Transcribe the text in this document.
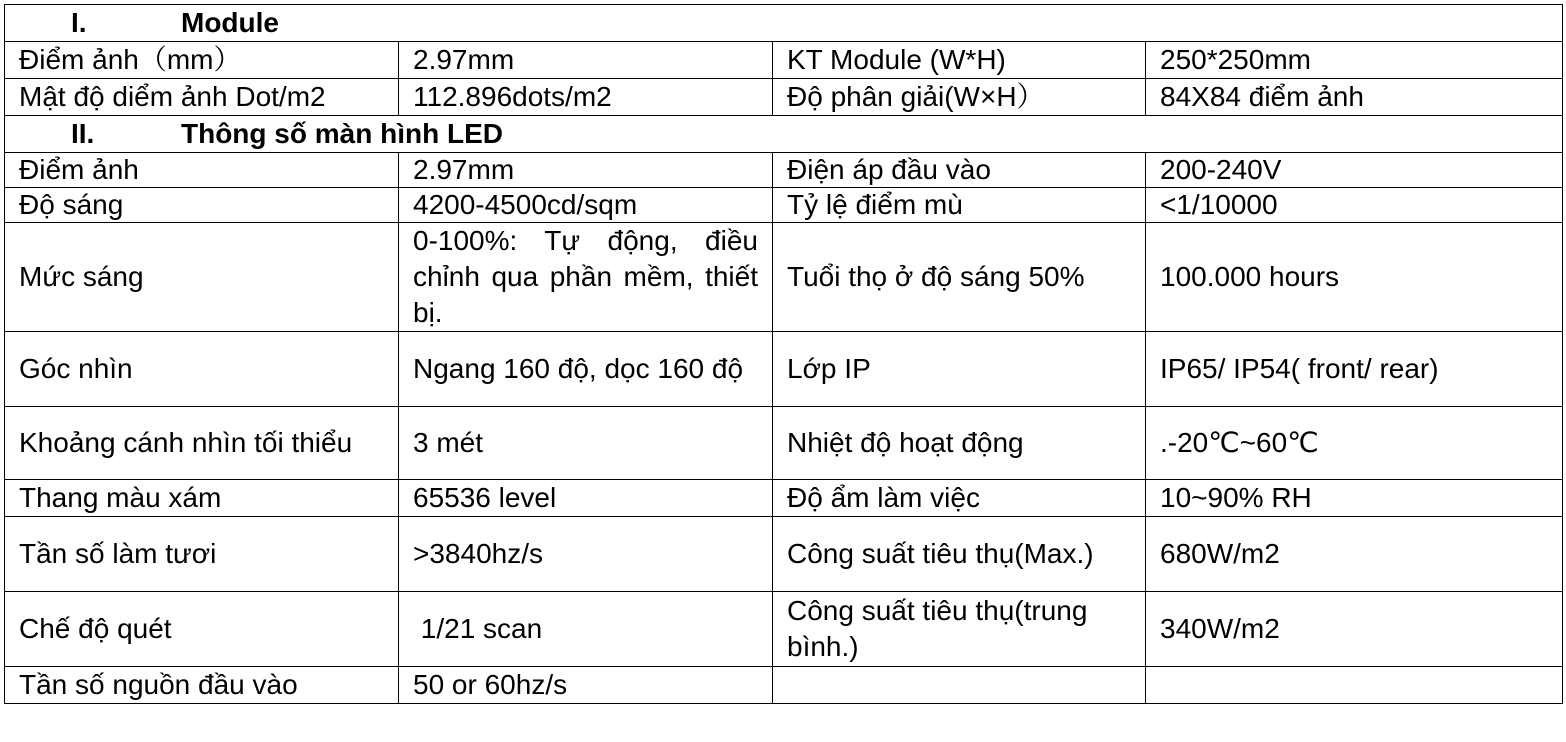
I. Module			
Điểm ảnh（mm）	2.97mm	KT Module (W*H)	250*250mm
Mật độ diểm ảnh Dot/m2	112.896dots/m2	Độ phân giải(W×H）	84X84 điểm ảnh
II. Thông số màn hình LED			
Điểm ảnh	2.97mm	Điện áp đầu vào	200-240V
Độ sáng	4200-4500cd/sqm	Tỷ lệ điểm mù	<1/10000
Mức sáng	0-100%: Tự động, điều chỉnh qua phần mềm, thiết bị.	Tuổi thọ ở độ sáng 50%	100.000 hours
Góc nhìn	Ngang 160 độ, dọc 160 độ	Lớp IP	IP65/ IP54( front/ rear)
Khoảng cánh nhìn tối thiểu	3 mét	Nhiệt độ hoạt động	.-20℃~60℃
Thang màu xám	65536 level	Độ ẩm làm việc	10~90% RH
Tần số làm tươi	>3840hz/s	Công suất tiêu thụ(Max.)	680W/m2
Chế độ quét	1/21 scan	Công suất tiêu thụ(trung bình.)	340W/m2
Tần số nguồn đầu vào	50 or 60hz/s		
